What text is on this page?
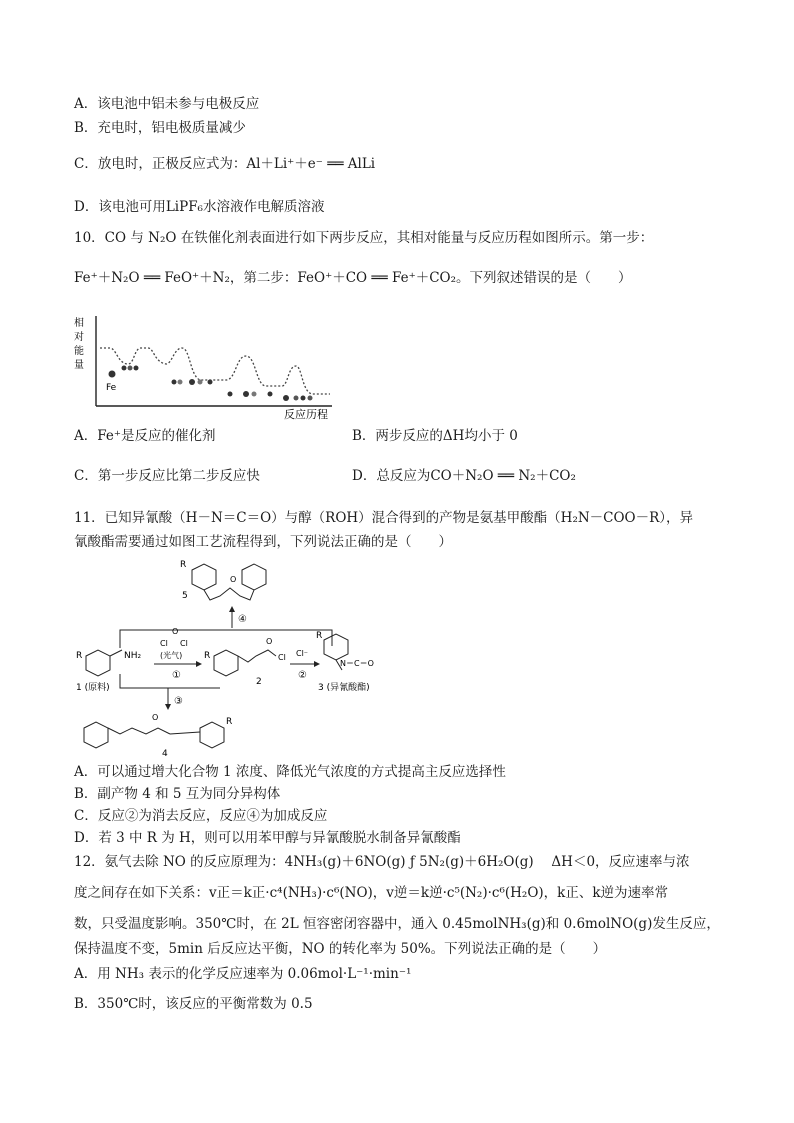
A．该电池中铝未参与电极反应
B．充电时，铝电极质量减少
C．放电时，正极反应式为：Al＋Li⁺＋e⁻ ══ AlLi
D．该电池可用LiPF₆水溶液作电解质溶液
10．CO 与 N₂O 在铁催化剂表面进行如下两步反应，其相对能量与反应历程如图所示。第一步：
Fe⁺＋N₂O ══ FeO⁺＋N₂，第二步：FeO⁺＋CO ══ Fe⁺＋CO₂。下列叙述错误的是（　　）
相
对
能
量
Fe
反应历程
A．Fe⁺是反应的催化剂	B．两步反应的ΔH均小于 0
C．第一步反应比第二步反应快	D．总反应为CO＋N₂O ══ N₂＋CO₂
11．已知异氰酸（H－N＝C＝O）与醇（ROH）混合得到的产物是氨基甲酸酯（H₂N－COO－R），异
氰酸酯需要通过如图工艺流程得到，下列说法正确的是（　　）
R
O
5
④
R	NH₂
1 (原料)
O
Cl Cl
(光气)
①
R
O
Cl
2
Cl⁻
②
R
N＝C＝O
3 (异氰酸酯)
③
O
4
R
A．可以通过增大化合物 1 浓度、降低光气浓度的方式提高主反应选择性
B．副产物 4 和 5 互为同分异构体
C．反应②为消去反应，反应④为加成反应
D．若 3 中 R 为 H，则可以用苯甲醇与异氰酸脱水制备异氰酸酯
12．氨气去除 NO 的反应原理为：4NH₃(g)＋6NO(g) ƒ 5N₂(g)＋6H₂O(g)　 ΔH＜0，反应速率与浓
度之间存在如下关系：v正＝k正·c⁴(NH₃)·c⁶(NO)，v逆＝k逆·c⁵(N₂)·c⁶(H₂O)，k正、k逆为速率常
数，只受温度影响。350℃时，在 2L 恒容密闭容器中，通入 0.45molNH₃(g)和 0.6molNO(g)发生反应，
保持温度不变，5min 后反应达平衡，NO 的转化率为 50%。下列说法正确的是（　　）
A．用 NH₃ 表示的化学反应速率为 0.06mol·L⁻¹·min⁻¹
B．350℃时，该反应的平衡常数为 0.5
